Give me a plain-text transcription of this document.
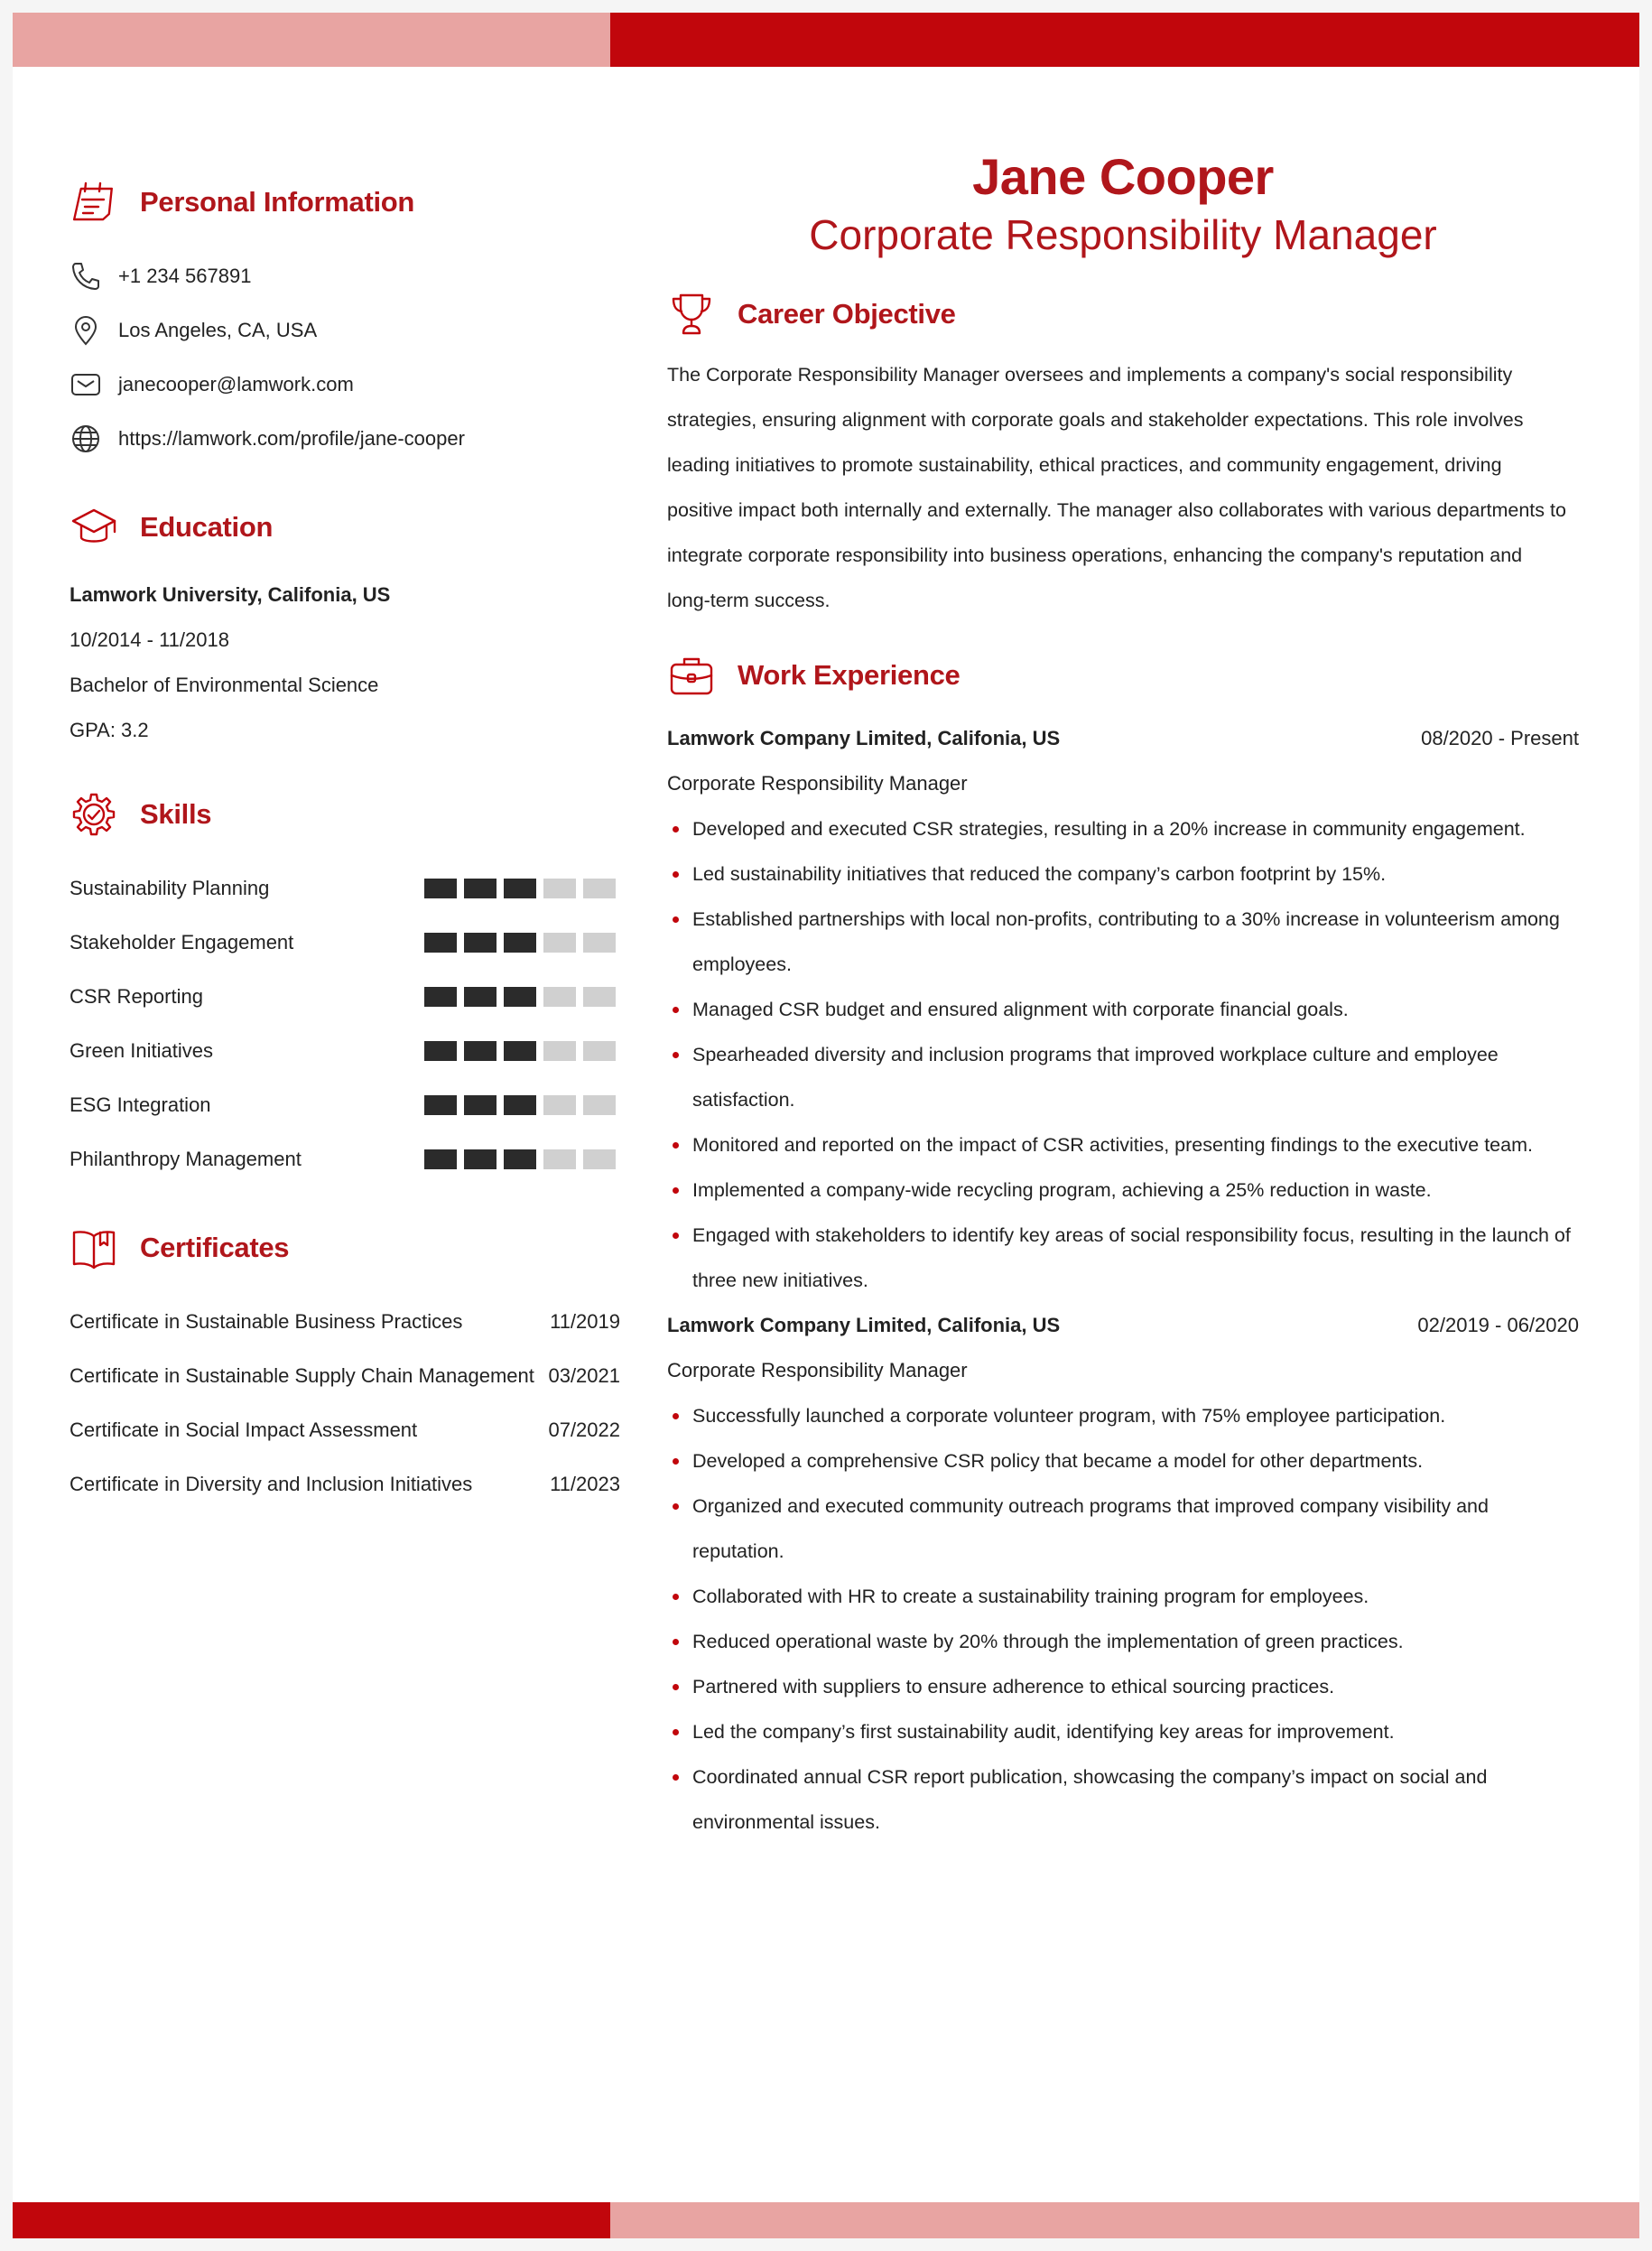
Personal Information
+1 234 567891
Los Angeles, CA, USA
janecooper@lamwork.com
https://lamwork.com/profile/jane-cooper
Education
Lamwork University, Califonia, US
10/2014 - 11/2018
Bachelor of Environmental Science
GPA: 3.2
Skills
Sustainability Planning
Stakeholder Engagement
CSR Reporting
Green Initiatives
ESG Integration
Philanthropy Management
Certificates
Certificate in Sustainable Business Practices	11/2019
Certificate in Sustainable Supply Chain Management 03/2021
Certificate in Social Impact Assessment	07/2022
Certificate in Diversity and Inclusion Initiatives	11/2023
Jane Cooper
Corporate Responsibility Manager
Career Objective
The Corporate Responsibility Manager oversees and implements a company's social responsibility strategies, ensuring alignment with corporate goals and stakeholder expectations. This role involves leading initiatives to promote sustainability, ethical practices, and community engagement, driving positive impact both internally and externally. The manager also collaborates with various departments to integrate corporate responsibility into business operations, enhancing the company's reputation and long-term success.
Work Experience
Lamwork Company Limited, Califonia, US	08/2020 - Present
Corporate Responsibility Manager
Developed and executed CSR strategies, resulting in a 20% increase in community engagement.
Led sustainability initiatives that reduced the company’s carbon footprint by 15%.
Established partnerships with local non-profits, contributing to a 30% increase in volunteerism among employees.
Managed CSR budget and ensured alignment with corporate financial goals.
Spearheaded diversity and inclusion programs that improved workplace culture and employee satisfaction.
Monitored and reported on the impact of CSR activities, presenting findings to the executive team.
Implemented a company-wide recycling program, achieving a 25% reduction in waste.
Engaged with stakeholders to identify key areas of social responsibility focus, resulting in the launch of three new initiatives.
Lamwork Company Limited, Califonia, US	02/2019 - 06/2020
Corporate Responsibility Manager
Successfully launched a corporate volunteer program, with 75% employee participation.
Developed a comprehensive CSR policy that became a model for other departments.
Organized and executed community outreach programs that improved company visibility and reputation.
Collaborated with HR to create a sustainability training program for employees.
Reduced operational waste by 20% through the implementation of green practices.
Partnered with suppliers to ensure adherence to ethical sourcing practices.
Led the company’s first sustainability audit, identifying key areas for improvement.
Coordinated annual CSR report publication, showcasing the company’s impact on social and environmental issues.
